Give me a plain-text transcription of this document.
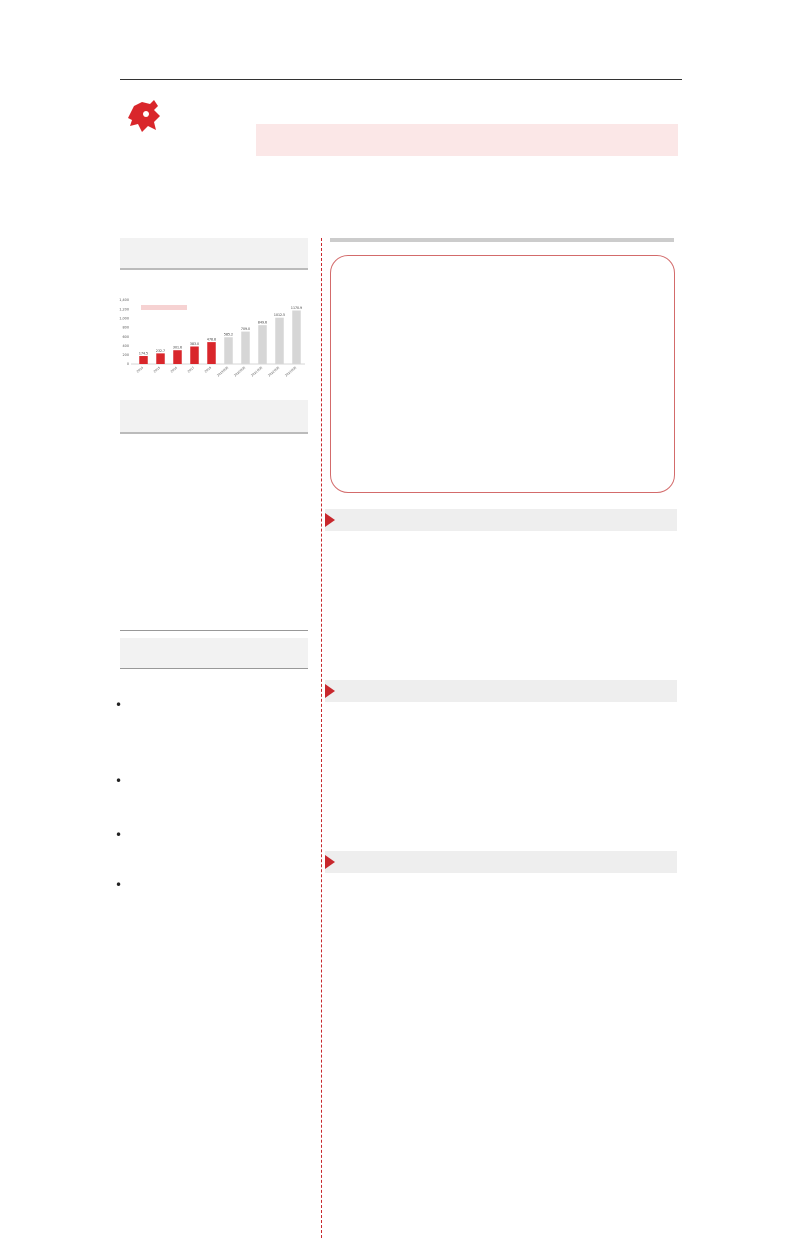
1,400
1,200
1,000
800
600
400
200
0
174.5
2014
232.7
2015
301.6
2016
383.0
2017
478.8
2018
585.2
2019预测
709.0
2020预测
849.6
2021预测
1012.5
2022预测
1170.9
2023预测
•
•
•
•
